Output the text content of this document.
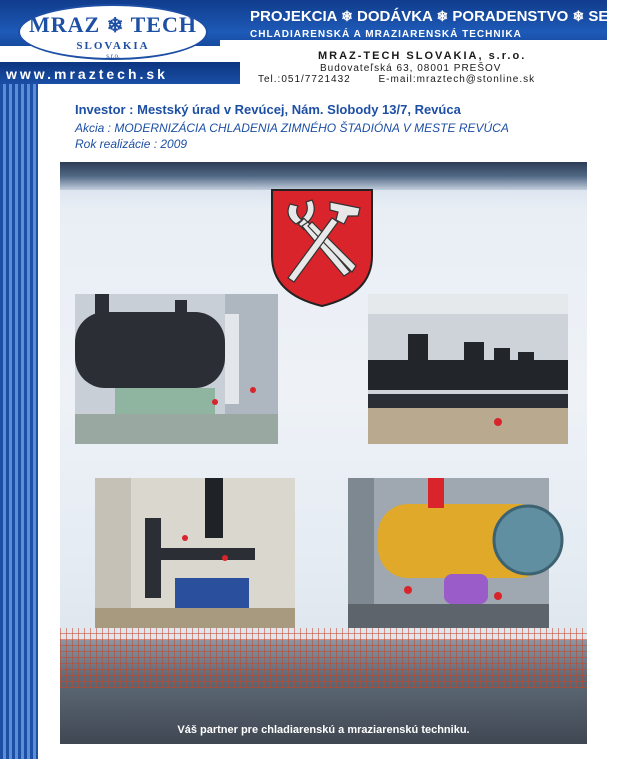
MRAZ ❄ TECH
SLOVAKIA
s.r.o.
www.mraztech.sk
PROJEKCIA ❄ DODÁVKA ❄ PORADENSTVO ❄ SERVIS
CHLADIARENSKÁ A MRAZIARENSKÁ TECHNIKA
MRAZ-TECH SLOVAKIA, s.r.o.
Budovateľská 63, 08001 PREŠOV
Tel.:051/7721432	E-mail:mraztech@stonline.sk
Investor : Mestský úrad v Revúcej, Nám. Slobody 13/7, Revúca
Akcia : MODERNIZÁCIA CHLADENIA ZIMNÉHO ŠTADIÓNA V MESTE REVÚCA
Rok realizácie : 2009
Váš partner pre chladiarenskú a mraziarenskú techniku.
